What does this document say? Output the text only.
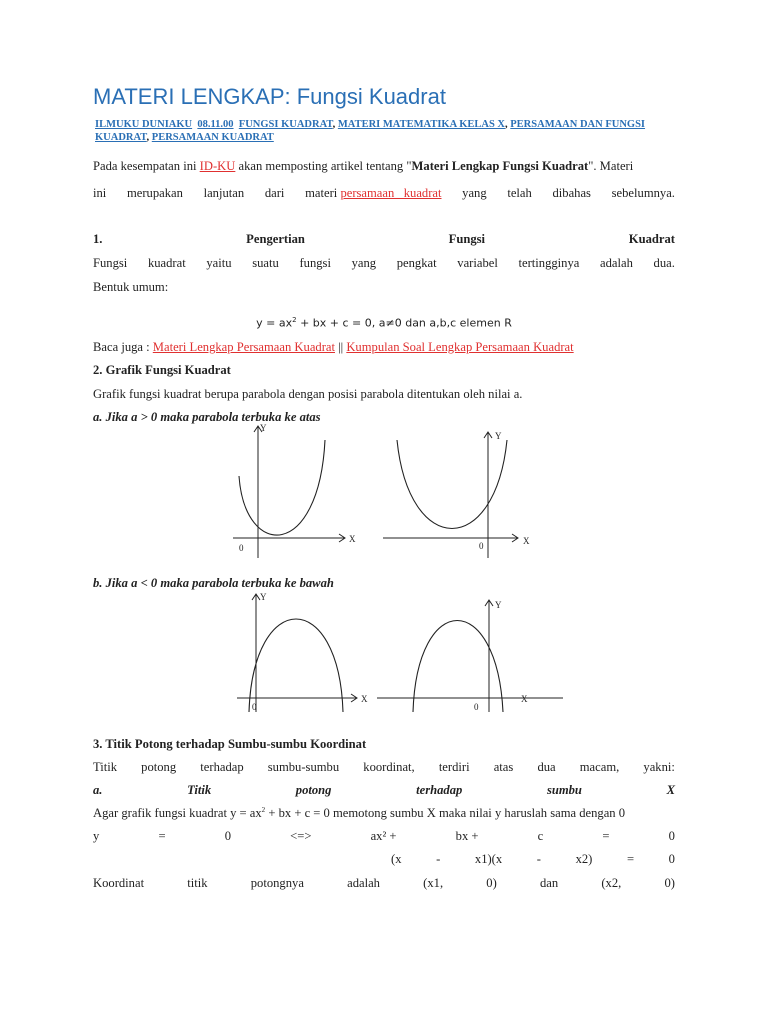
MATERI LENGKAP: Fungsi Kuadrat
ILMUKU DUNIAKU 08.11.00 FUNGSI KUADRAT, MATERI MATEMATIKA KELAS X, PERSAMAAN DAN FUNGSI KUADRAT, PERSAMAAN KUADRAT
Pada kesempatan ini ID-KU akan memposting artikel tentang "Materi Lengkap Fungsi Kuadrat". Materi
ini merupakan lanjutan dari materi persamaan   kuadrat yang telah dibahas sebelumnya.
1.	Pengertian	Fungsi	Kuadrat
Fungsi kuadrat yaitu suatu fungsi yang pengkat variabel tertingginya adalah dua.
Bentuk umum:
$y = ax^2$ + bx + c = 0, a≠0 dan a,b,c elemen R
Baca juga : Materi Lengkap Persamaan Kuadrat || Kumpulan Soal Lengkap Persamaan Kuadrat
2. Grafik Fungsi Kuadrat
Grafik fungsi kuadrat berupa parabola dengan posisi parabola ditentukan oleh nilai a.
a. Jika a > 0 maka parabola terbuka ke atas
Y
X
0
Y
X
0
b. Jika a < 0 maka parabola terbuka ke bawah
Y
X
0
Y
X
0
3. Titik Potong terhadap Sumbu-sumbu Koordinat
Titik potong terhadap sumbu-sumbu koordinat, terdiri atas dua macam, yakni:
a.	Titik	potong	terhadap	sumbu	X
Agar grafik fungsi kuadrat $y = ax^2$ + bx + c = 0 memotong sumbu X maka nilai y haruslah sama dengan 0
y	=	0	<=>	ax² +	bx +	c	=	0
(x	-	x1)(x	-	x2)	=	0
Koordinat	titik	potongnya	adalah	(x1,	0)	dan	(x2,	0)
